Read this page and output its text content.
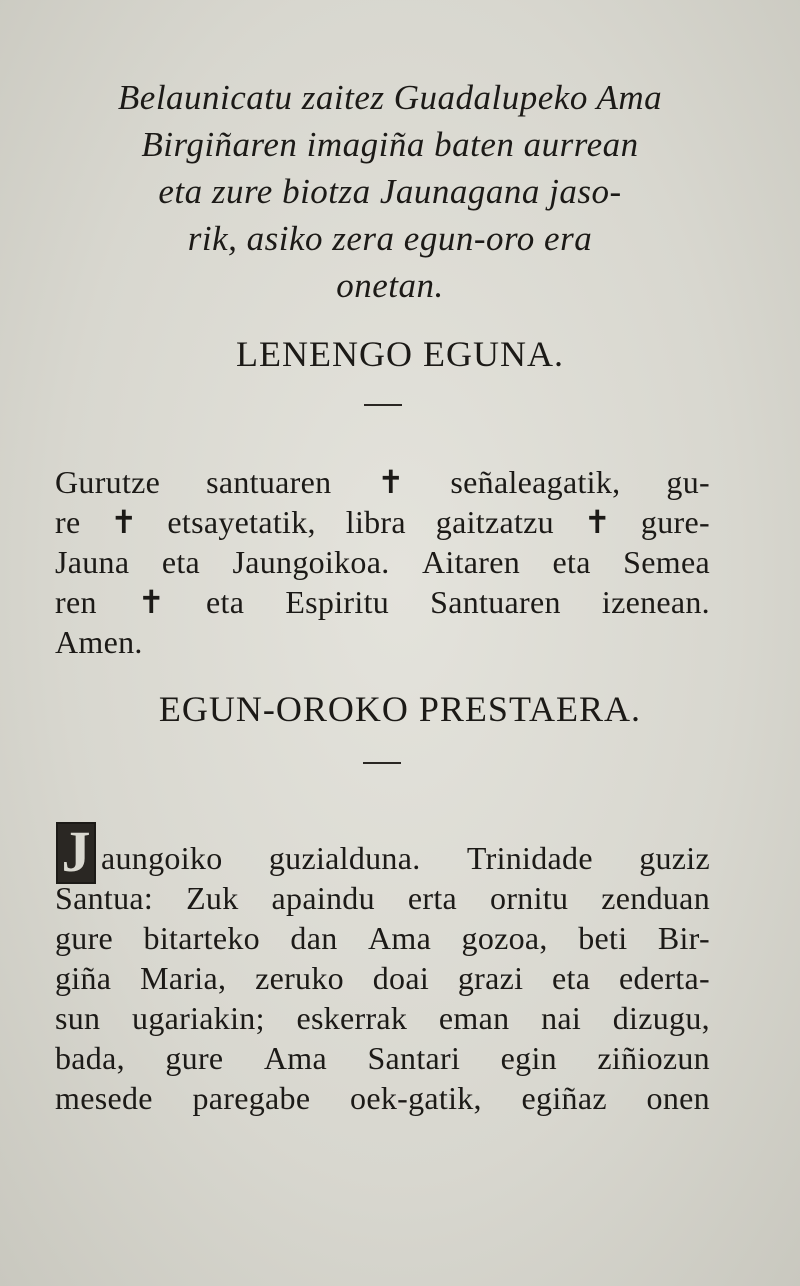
Belaunicatu zaitez Guadalupeko Ama
Birgiñaren imagiña baten aurrean
eta zure biotza Jaunagana jaso-
rik, asiko zera egun-oro era
onetan.
LENENGO EGUNA.
Gurutze santuaren ✝ señaleagatik, gu-
re ✝ etsayetatik, libra gaitzatzu ✝ gure-
Jauna eta Jaungoikoa. Aitaren eta Semea
ren ✝ eta Espiritu Santuaren izenean.
Amen.
EGUN-OROKO PRESTAERA.
J aungoiko guzialduna. Trinidade guziz
Santua: Zuk apaindu erta ornitu zenduan
gure bitarteko dan Ama gozoa, beti Bir-
giña Maria, zeruko doai grazi eta ederta-
sun ugariakin; eskerrak eman nai dizugu,
bada, gure Ama Santari egin ziñiozun
mesede paregabe oek-gatik, egiñaz onen
